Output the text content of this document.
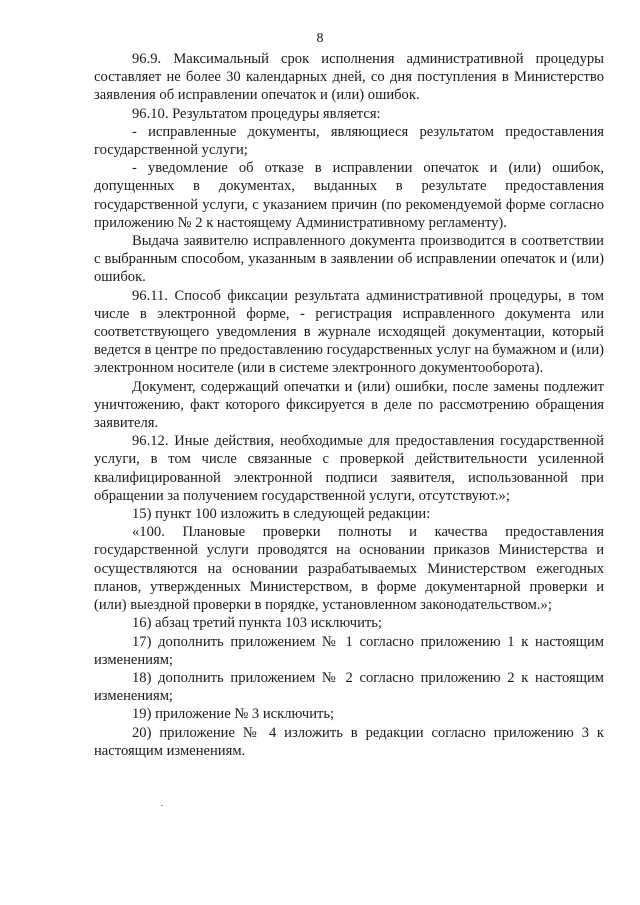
8

96.9. Максимальный срок исполнения административной процедуры составляет не более 30 календарных дней, со дня поступления в Министерство заявления об исправлении опечаток и (или) ошибок.

96.10. Результатом процедуры является:

- исправленные документы, являющиеся результатом предоставления государственной услуги;

- уведомление об отказе в исправлении опечаток и (или) ошибок, допущенных в документах, выданных в результате предоставления государственной услуги, с указанием причин (по рекомендуемой форме согласно приложению № 2 к настоящему Административному регламенту).

Выдача заявителю исправленного документа производится в соответствии с выбранным способом, указанным в заявлении об исправлении опечаток и (или) ошибок.

96.11. Способ фиксации результата административной процедуры, в том числе в электронной форме, - регистрация исправленного документа или соответствующего уведомления в журнале исходящей документации, который ведется в центре по предоставлению государственных услуг на бумажном и (или) электронном носителе (или в системе электронного документооборота).

Документ, содержащий опечатки и (или) ошибки, после замены подлежит уничтожению, факт которого фиксируется в деле по рассмотрению обращения заявителя.

96.12. Иные действия, необходимые для предоставления государственной услуги, в том числе связанные с проверкой действительности усиленной квалифицированной электронной подписи заявителя, использованной при обращении за получением государственной услуги, отсутствуют.»;

15) пункт 100 изложить в следующей редакции:

«100. Плановые проверки полноты и качества предоставления государственной услуги проводятся на основании приказов Министерства и осуществляются на основании разрабатываемых Министерством ежегодных планов, утвержденных Министерством, в форме документарной проверки и (или) выездной проверки в порядке, установленном законодательством.»;

16) абзац третий пункта 103 исключить;

17) дополнить приложением № 1 согласно приложению 1 к настоящим изменениям;

18) дополнить приложением № 2 согласно приложению 2 к настоящим изменениям;

19) приложение № 3 исключить;

20) приложение № 4 изложить в редакции согласно приложению 3 к настоящим изменениям.
